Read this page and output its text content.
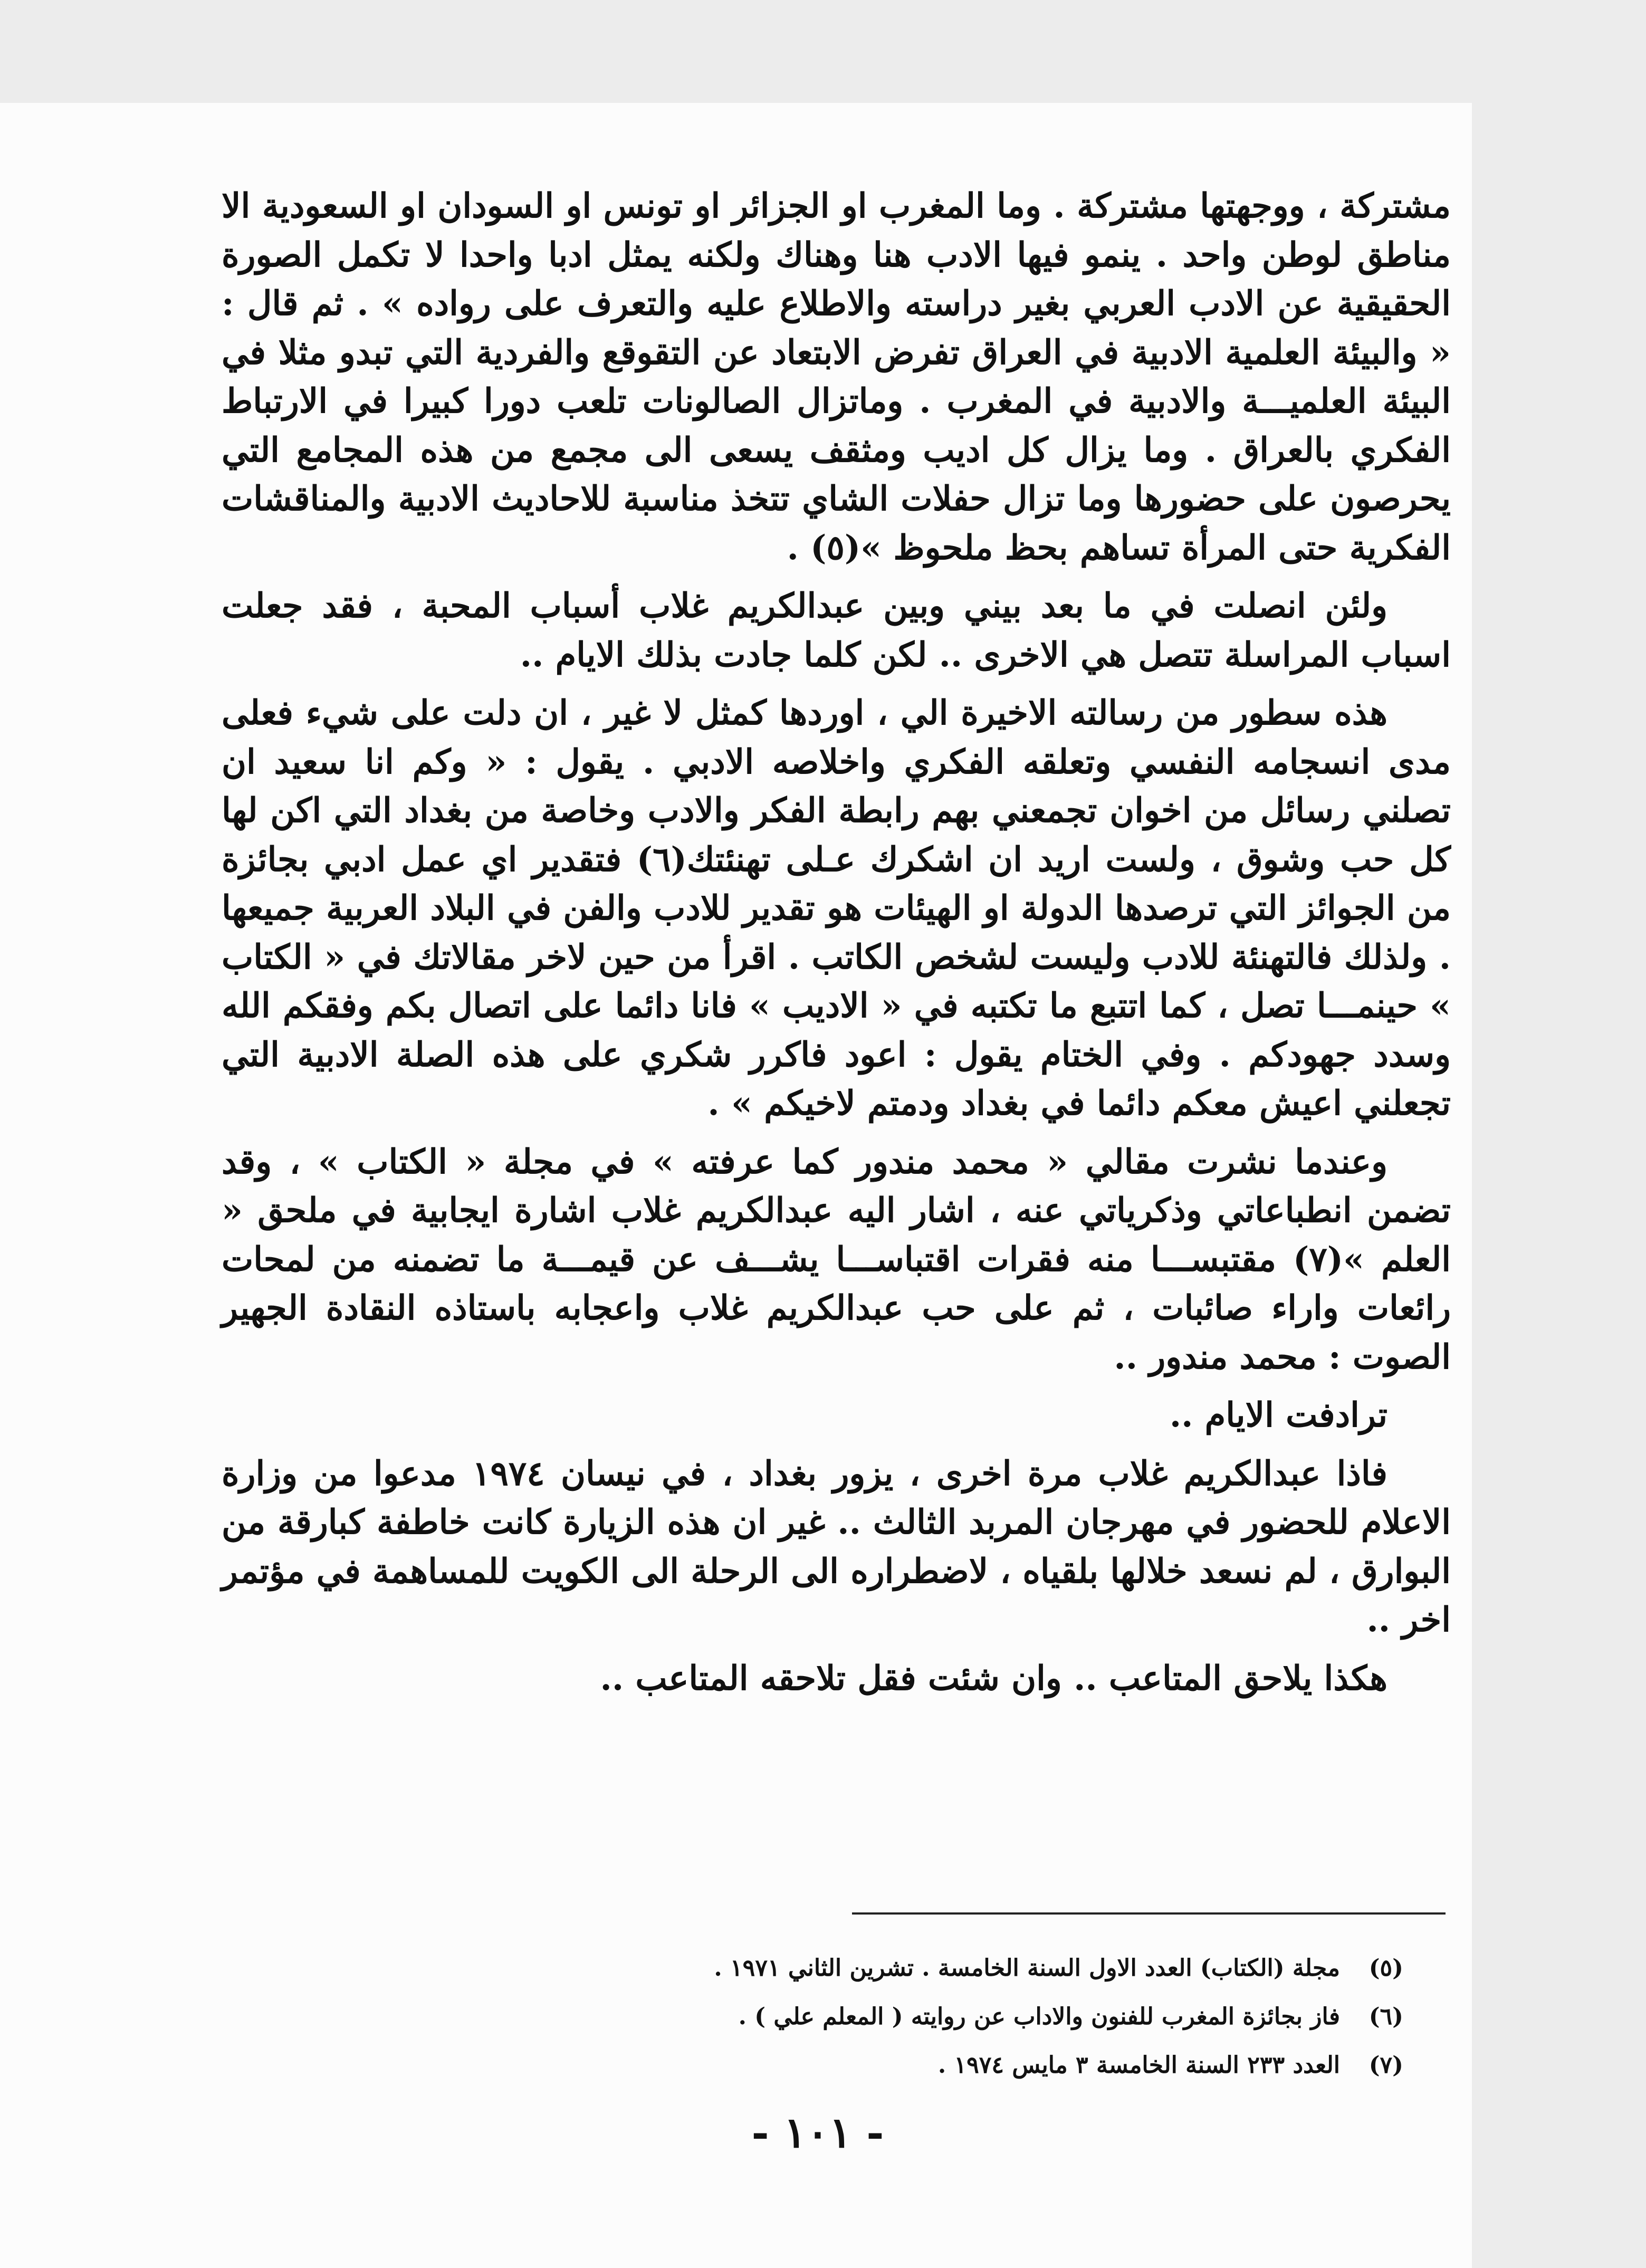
مشتركة ، ووجهتها مشتركة . وما المغرب او الجزائر او تونس او السودان او السعودية الا مناطق لوطن واحد . ينمو فيها الادب هنا وهناك ولكنه يمثل ادبا واحدا لا تكمل الصورة الحقيقية عن الادب العربي بغير دراسته والاطلاع عليه والتعرف على رواده » . ثم قال : « والبيئة العلمية الادبية في العراق تفرض الابتعاد عن التقوقع والفردية التي تبدو مثلا في البيئة العلميـــة والادبية في المغرب . وماتزال الصالونات تلعب دورا كبيرا في الارتباط الفكري بالعراق . وما يزال كل اديب ومثقف يسعى الى مجمع من هذه المجامع التي يحرصون على حضورها وما تزال حفلات الشاي تتخذ مناسبة للاحاديث الادبية والمناقشات الفكرية حتى المرأة تساهم بحظ ملحوظ »(٥) .

ولئن انصلت في ما بعد بيني وبين عبدالكريم غلاب أسباب المحبة ، فقد جعلت اسباب المراسلة تتصل هي الاخرى .. لكن كلما جادت بذلك الايام ..

هذه سطور من رسالته الاخيرة الي ، اوردها كمثل لا غير ، ان دلت على شيء فعلى مدى انسجامه النفسي وتعلقه الفكري واخلاصه الادبي . يقول : « وكم انا سعيد ان تصلني رسائل من اخوان تجمعني بهم رابطة الفكر والادب وخاصة من بغداد التي اكن لها كل حب وشوق ، ولست اريد ان اشكرك عـلى تهنئتك(٦) فتقدير اي عمل ادبي بجائزة من الجوائز التي ترصدها الدولة او الهيئات هو تقدير للادب والفن في البلاد العربية جميعها . ولذلك فالتهنئة للادب وليست لشخص الكاتب . اقرأ من حين لاخر مقالاتك في « الكتاب » حينمـــا تصل ، كما اتتبع ما تكتبه في « الاديب » فانا دائما على اتصال بكم وفقكم الله وسدد جهودكم . وفي الختام يقول : اعود فاكرر شكري على هذه الصلة الادبية التي تجعلني اعيش معكم دائما في بغداد ودمتم لاخيكم » .

وعندما نشرت مقالي « محمد مندور كما عرفته » في مجلة « الكتاب » ، وقد تضمن انطباعاتي وذكرياتي عنه ، اشار اليه عبدالكريم غلاب اشارة ايجابية في ملحق « العلم »(٧) مقتبســـا منه فقرات اقتباســـا يشـــف عن قيمـــة ما تضمنه من لمحات رائعات واراء صائبات ، ثم على حب عبدالكريم غلاب واعجابه باستاذه النقادة الجهير الصوت : محمد مندور ..

ترادفت الايام ..

فاذا عبدالكريم غلاب مرة اخرى ، يزور بغداد ، في نيسان ١٩٧٤ مدعوا من وزارة الاعلام للحضور في مهرجان المربد الثالث .. غير ان هذه الزيارة كانت خاطفة كبارقة من البوارق ، لم نسعد خلالها بلقياه ، لاضطراره الى الرحلة الى الكويت للمساهمة في مؤتمر اخر ..

هكذا يلاحق المتاعب .. وان شئت فقل تلاحقه المتاعب ..

(٥)
مجلة (الكتاب) العدد الاول السنة الخامسة . تشرين الثاني ١٩٧١ .
(٦)
فاز بجائزة المغرب للفنون والاداب عن روايته ( المعلم علي ) .
(٧)
العدد ٢٣٣ السنة الخامسة ٣ مايس ١٩٧٤ .
- ١٠١ -
